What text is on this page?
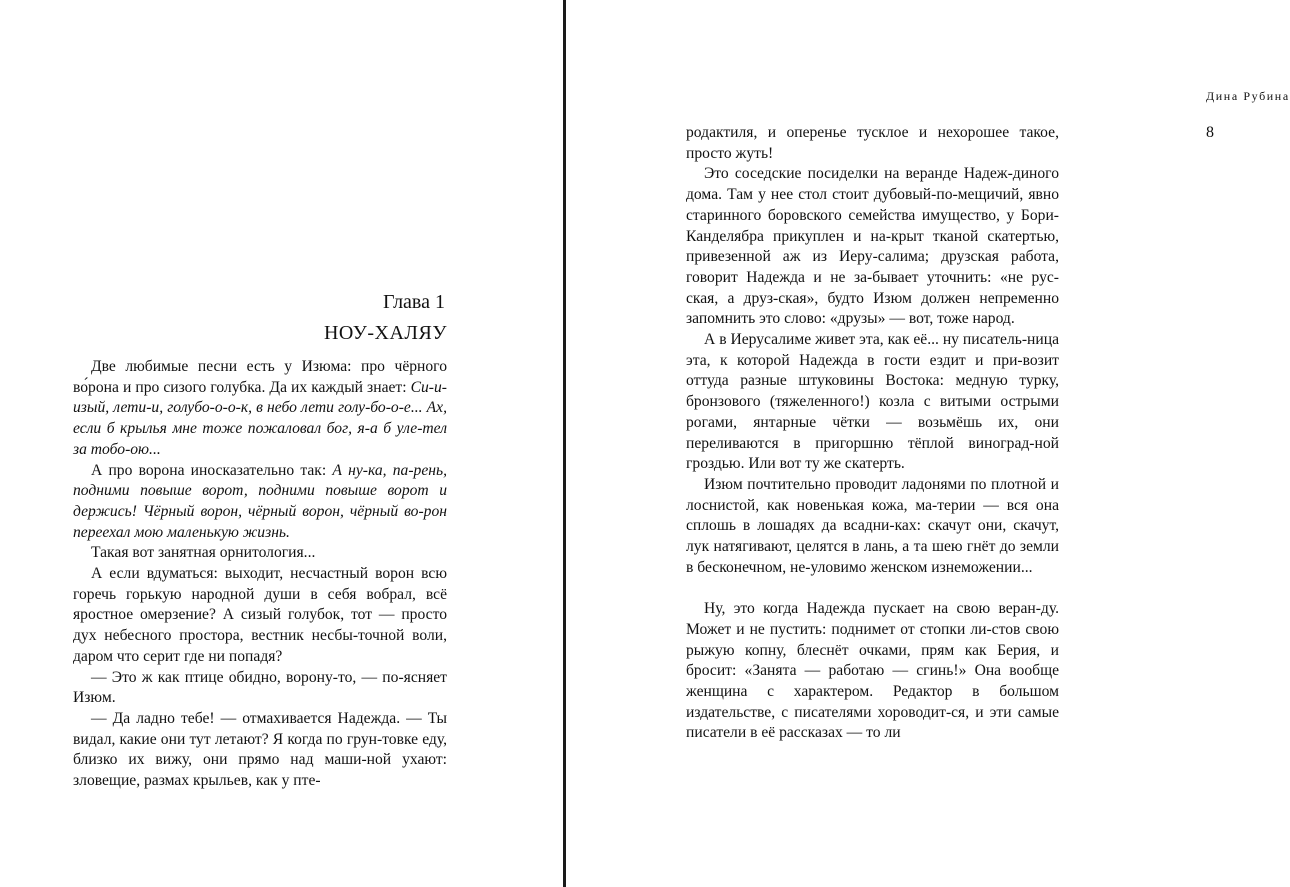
Глава 1
НОУ-ХАЛЯУ

Две любимые песни есть у Изюма: про чёрного во́рона и про сизого голубка. Да их каждый знает: Си-и-изый, лети-и, голубо-о-о-к, в небо лети голу-бо-о-е... Ах, если б крылья мне тоже пожаловал бог, я-а б уле-тел за тобо-ою...

А про ворона иносказательно так: А ну-ка, па-рень, подними повыше ворот, подними повыше ворот и держись! Чёрный ворон, чёрный ворон, чёрный во-рон переехал мою маленькую жизнь.

Такая вот занятная орнитология...

А если вдуматься: выходит, несчастный ворон всю горечь горькую народной души в себя вобрал, всё яростное омерзение? А сизый голубок, тот — просто дух небесного простора, вестник несбы-точной воли, даром что серит где ни попадя?

— Это ж как птице обидно, ворону-то, — по-ясняет Изюм.

— Да ладно тебе! — отмахивается Надежда. — Ты видал, какие они тут летают? Я когда по грун-товке еду, близко их вижу, они прямо над маши-ной ухают: зловещие, размах крыльев, как у пте-

Дина Рубина
8

родактиля, и оперенье тусклое и нехорошее такое, просто жуть!

Это соседские посиделки на веранде Надеж-диного дома. Там у нее стол стоит дубовый-по-мещичий, явно старинного боровского семейства имущество, у Бори-Канделябра прикуплен и на-крыт тканой скатертью, привезенной аж из Иеру-салима; друзская работа, говорит Надежда и не за-бывает уточнить: «не рус-ская, а друз-ская», будто Изюм должен непременно запомнить это слово: «друзы» — вот, тоже народ.

А в Иерусалиме живет эта, как её... ну писатель-ница эта, к которой Надежда в гости ездит и при-возит оттуда разные штуковины Востока: медную турку, бронзового (тяжеленного!) козла с витыми острыми рогами, янтарные чётки — возьмёшь их, они переливаются в пригоршню тёплой виноград-ной гроздью. Или вот ту же скатерть.

Изюм почтительно проводит ладонями по плотной и лоснистой, как новенькая кожа, ма-терии — вся она сплошь в лошадях да всадни-ках: скачут они, скачут, лук натягивают, целятся в лань, а та шею гнёт до земли в бесконечном, не-уловимо женском изнеможении...

Ну, это когда Надежда пускает на свою веран-ду. Может и не пустить: поднимет от стопки ли-стов свою рыжую копну, блеснёт очками, прям как Берия, и бросит: «Занята — работаю — сгинь!» Она вообще женщина с характером. Редактор в большом издательстве, с писателями хороводит-ся, и эти самые писатели в её рассказах — то ли
